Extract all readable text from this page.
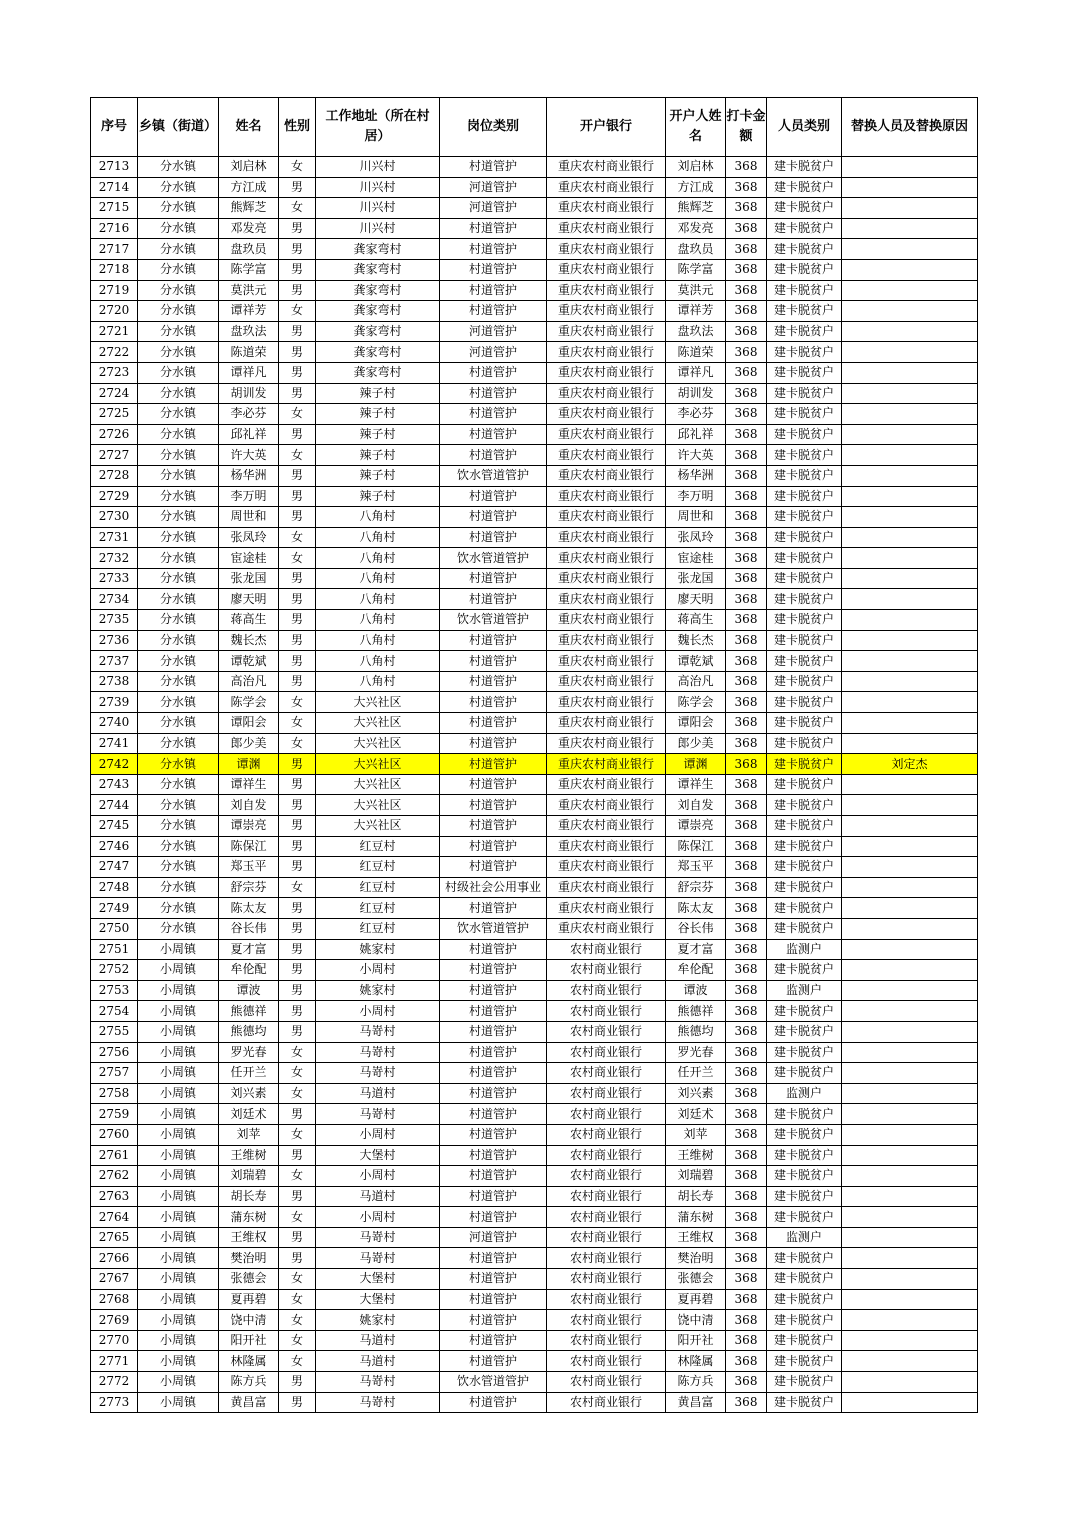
序号	乡镇（街道）	姓名	性别	工作地址（所在村居）	岗位类别	开户银行	开户人姓名	打卡金额	人员类别	替换人员及替换原因
2713	分水镇	刘启林	女	川兴村	村道管护	重庆农村商业银行	刘启林	368	建卡脱贫户	
2714	分水镇	方江成	男	川兴村	河道管护	重庆农村商业银行	方江成	368	建卡脱贫户	
2715	分水镇	熊辉芝	女	川兴村	河道管护	重庆农村商业银行	熊辉芝	368	建卡脱贫户	
2716	分水镇	邓发亮	男	川兴村	村道管护	重庆农村商业银行	邓发亮	368	建卡脱贫户	
2717	分水镇	盘玖员	男	龚家弯村	村道管护	重庆农村商业银行	盘玖员	368	建卡脱贫户	
2718	分水镇	陈学富	男	龚家弯村	村道管护	重庆农村商业银行	陈学富	368	建卡脱贫户	
2719	分水镇	莫洪元	男	龚家弯村	村道管护	重庆农村商业银行	莫洪元	368	建卡脱贫户	
2720	分水镇	谭祥芳	女	龚家弯村	村道管护	重庆农村商业银行	谭祥芳	368	建卡脱贫户	
2721	分水镇	盘玖法	男	龚家弯村	河道管护	重庆农村商业银行	盘玖法	368	建卡脱贫户	
2722	分水镇	陈道荣	男	龚家弯村	河道管护	重庆农村商业银行	陈道荣	368	建卡脱贫户	
2723	分水镇	谭祥凡	男	龚家弯村	村道管护	重庆农村商业银行	谭祥凡	368	建卡脱贫户	
2724	分水镇	胡训发	男	辣子村	村道管护	重庆农村商业银行	胡训发	368	建卡脱贫户	
2725	分水镇	李必芬	女	辣子村	村道管护	重庆农村商业银行	李必芬	368	建卡脱贫户	
2726	分水镇	邱礼祥	男	辣子村	村道管护	重庆农村商业银行	邱礼祥	368	建卡脱贫户	
2727	分水镇	许大英	女	辣子村	村道管护	重庆农村商业银行	许大英	368	建卡脱贫户	
2728	分水镇	杨华洲	男	辣子村	饮水管道管护	重庆农村商业银行	杨华洲	368	建卡脱贫户	
2729	分水镇	李万明	男	辣子村	村道管护	重庆农村商业银行	李万明	368	建卡脱贫户	
2730	分水镇	周世和	男	八角村	村道管护	重庆农村商业银行	周世和	368	建卡脱贫户	
2731	分水镇	张凤玲	女	八角村	村道管护	重庆农村商业银行	张凤玲	368	建卡脱贫户	
2732	分水镇	宦途桂	女	八角村	饮水管道管护	重庆农村商业银行	宦途桂	368	建卡脱贫户	
2733	分水镇	张龙国	男	八角村	村道管护	重庆农村商业银行	张龙国	368	建卡脱贫户	
2734	分水镇	廖天明	男	八角村	村道管护	重庆农村商业银行	廖天明	368	建卡脱贫户	
2735	分水镇	蒋高生	男	八角村	饮水管道管护	重庆农村商业银行	蒋高生	368	建卡脱贫户	
2736	分水镇	魏长杰	男	八角村	村道管护	重庆农村商业银行	魏长杰	368	建卡脱贫户	
2737	分水镇	谭乾斌	男	八角村	村道管护	重庆农村商业银行	谭乾斌	368	建卡脱贫户	
2738	分水镇	高治凡	男	八角村	村道管护	重庆农村商业银行	高治凡	368	建卡脱贫户	
2739	分水镇	陈学会	女	大兴社区	村道管护	重庆农村商业银行	陈学会	368	建卡脱贫户	
2740	分水镇	谭阳会	女	大兴社区	村道管护	重庆农村商业银行	谭阳会	368	建卡脱贫户	
2741	分水镇	郎少美	女	大兴社区	村道管护	重庆农村商业银行	郎少美	368	建卡脱贫户	
2742	分水镇	谭渊	男	大兴社区	村道管护	重庆农村商业银行	谭渊	368	建卡脱贫户	刘定杰
2743	分水镇	谭祥生	男	大兴社区	村道管护	重庆农村商业银行	谭祥生	368	建卡脱贫户	
2744	分水镇	刘自发	男	大兴社区	村道管护	重庆农村商业银行	刘自发	368	建卡脱贫户	
2745	分水镇	谭崇亮	男	大兴社区	村道管护	重庆农村商业银行	谭崇亮	368	建卡脱贫户	
2746	分水镇	陈保江	男	红豆村	村道管护	重庆农村商业银行	陈保江	368	建卡脱贫户	
2747	分水镇	郑玉平	男	红豆村	村道管护	重庆农村商业银行	郑玉平	368	建卡脱贫户	
2748	分水镇	舒宗芬	女	红豆村	村级社会公用事业	重庆农村商业银行	舒宗芬	368	建卡脱贫户	
2749	分水镇	陈太友	男	红豆村	村道管护	重庆农村商业银行	陈太友	368	建卡脱贫户	
2750	分水镇	谷长伟	男	红豆村	饮水管道管护	重庆农村商业银行	谷长伟	368	建卡脱贫户	
2751	小周镇	夏才富	男	姚家村	村道管护	农村商业银行	夏才富	368	监测户	
2752	小周镇	牟伦配	男	小周村	村道管护	农村商业银行	牟伦配	368	建卡脱贫户	
2753	小周镇	谭波	男	姚家村	村道管护	农村商业银行	谭波	368	监测户	
2754	小周镇	熊德祥	男	小周村	村道管护	农村商业银行	熊德祥	368	建卡脱贫户	
2755	小周镇	熊德均	男	马嵜村	村道管护	农村商业银行	熊德均	368	建卡脱贫户	
2756	小周镇	罗光春	女	马嵜村	村道管护	农村商业银行	罗光春	368	建卡脱贫户	
2757	小周镇	任开兰	女	马嵜村	村道管护	农村商业银行	任开兰	368	建卡脱贫户	
2758	小周镇	刘兴素	女	马道村	村道管护	农村商业银行	刘兴素	368	监测户	
2759	小周镇	刘廷术	男	马嵜村	村道管护	农村商业银行	刘廷术	368	建卡脱贫户	
2760	小周镇	刘苹	女	小周村	村道管护	农村商业银行	刘苹	368	建卡脱贫户	
2761	小周镇	王维树	男	大堡村	村道管护	农村商业银行	王维树	368	建卡脱贫户	
2762	小周镇	刘瑞碧	女	小周村	村道管护	农村商业银行	刘瑞碧	368	建卡脱贫户	
2763	小周镇	胡长寿	男	马道村	村道管护	农村商业银行	胡长寿	368	建卡脱贫户	
2764	小周镇	蒲东树	女	小周村	村道管护	农村商业银行	蒲东树	368	建卡脱贫户	
2765	小周镇	王维权	男	马嵜村	河道管护	农村商业银行	王维权	368	监测户	
2766	小周镇	樊治明	男	马嵜村	村道管护	农村商业银行	樊治明	368	建卡脱贫户	
2767	小周镇	张德会	女	大堡村	村道管护	农村商业银行	张德会	368	建卡脱贫户	
2768	小周镇	夏再碧	女	大堡村	村道管护	农村商业银行	夏再碧	368	建卡脱贫户	
2769	小周镇	饶中清	女	姚家村	村道管护	农村商业银行	饶中清	368	建卡脱贫户	
2770	小周镇	阳开社	女	马道村	村道管护	农村商业银行	阳开社	368	建卡脱贫户	
2771	小周镇	林隆属	女	马道村	村道管护	农村商业银行	林隆属	368	建卡脱贫户	
2772	小周镇	陈方兵	男	马嵜村	饮水管道管护	农村商业银行	陈方兵	368	建卡脱贫户	
2773	小周镇	黄昌富	男	马嵜村	村道管护	农村商业银行	黄昌富	368	建卡脱贫户	
